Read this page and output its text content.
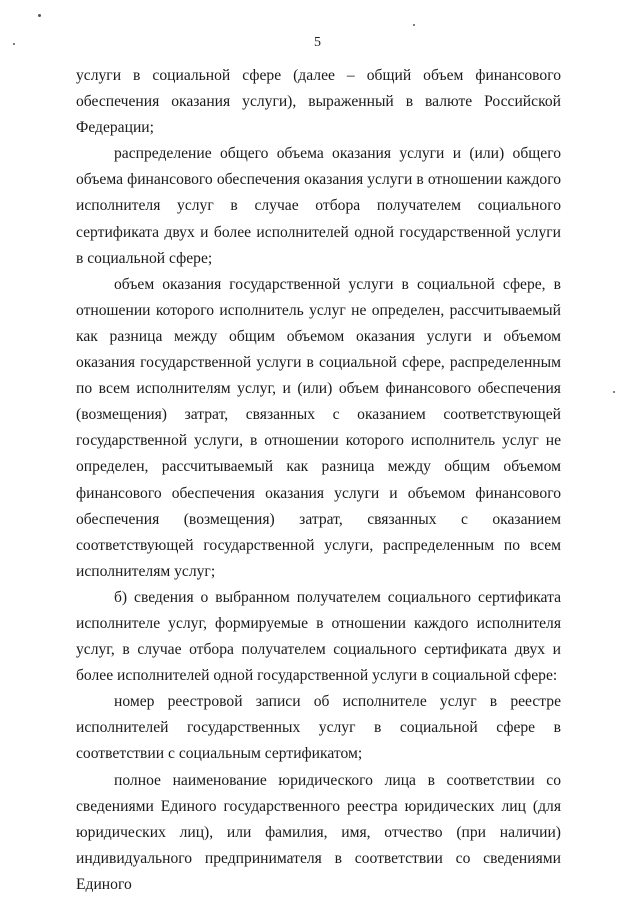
5

услуги в социальной сфере (далее – общий объем финансового обеспечения оказания услуги), выраженный в валюте Российской Федерации;

распределение общего объема оказания услуги и (или) общего объема финансового обеспечения оказания услуги в отношении каждого исполнителя услуг в случае отбора получателем социального сертификата двух и более исполнителей одной государственной услуги в социальной сфере;

объем оказания государственной услуги в социальной сфере, в отношении которого исполнитель услуг не определен, рассчитываемый как разница между общим объемом оказания услуги и объемом оказания государственной услуги в социальной сфере, распределенным по всем исполнителям услуг, и (или) объем финансового обеспечения (возмещения) затрат, связанных с оказанием соответствующей государственной услуги, в отношении которого исполнитель услуг не определен, рассчитываемый как разница между общим объемом финансового обеспечения оказания услуги и объемом финансового обеспечения (возмещения) затрат, связанных с оказанием соответствующей государственной услуги, распределенным по всем исполнителям услуг;

б) сведения о выбранном получателем социального сертификата исполнителе услуг, формируемые в отношении каждого исполнителя услуг, в случае отбора получателем социального сертификата двух и более исполнителей одной государственной услуги в социальной сфере:

номер реестровой записи об исполнителе услуг в реестре исполнителей государственных услуг в социальной сфере в соответствии с социальным сертификатом;

полное наименование юридического лица в соответствии со сведениями Единого государственного реестра юридических лиц (для юридических лиц), или фамилия, имя, отчество (при наличии) индивидуального предпринимателя в соответствии со сведениями Единого
